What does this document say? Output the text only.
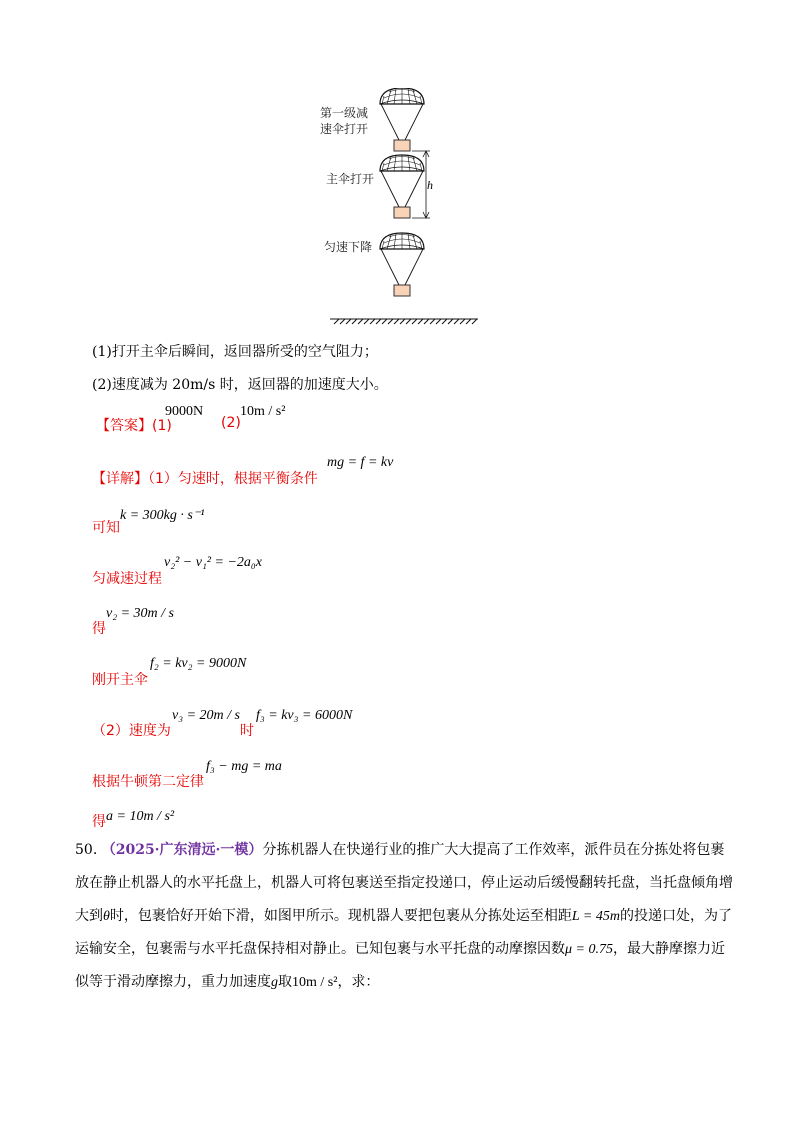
第一级减
速伞打开
主伞打开
匀速下降
h
(1)打开主伞后瞬间，返回器所受的空气阻力；
(2)速度减为 20m/s 时，返回器的加速度大小。
【答案】(1)
9000N
(2)
10m / s²
【详解】（1）匀速时，根据平衡条件
mg = f = kv
可知
k = 300kg · s⁻¹
匀减速过程
v₂² − v₁² = −2a₀x
得
v₂ = 30m / s
刚开主伞
f₂ = kv₂ = 9000N
（2）速度为
v₃ = 20m / s
时
f₃ = kv₃ = 6000N
根据牛顿第二定律
f₃ − mg = ma
得 a = 10m / s²
50. （2025·广东清远·一模）分拣机器人在快递行业的推广大大提高了工作效率，派件员在分拣处将包裹放在静止机器人的水平托盘上，机器人可将包裹送至指定投递口，停止运动后缓慢翻转托盘，当托盘倾角增大到θ时，包裹恰好开始下滑，如图甲所示。现机器人要把包裹从分拣处运至相距L = 45m的投递口处，为了运输安全，包裹需与水平托盘保持相对静止。已知包裹与水平托盘的动摩擦因数μ = 0.75，最大静摩擦力近似等于滑动摩擦力，重力加速度g取10m / s²，求：
